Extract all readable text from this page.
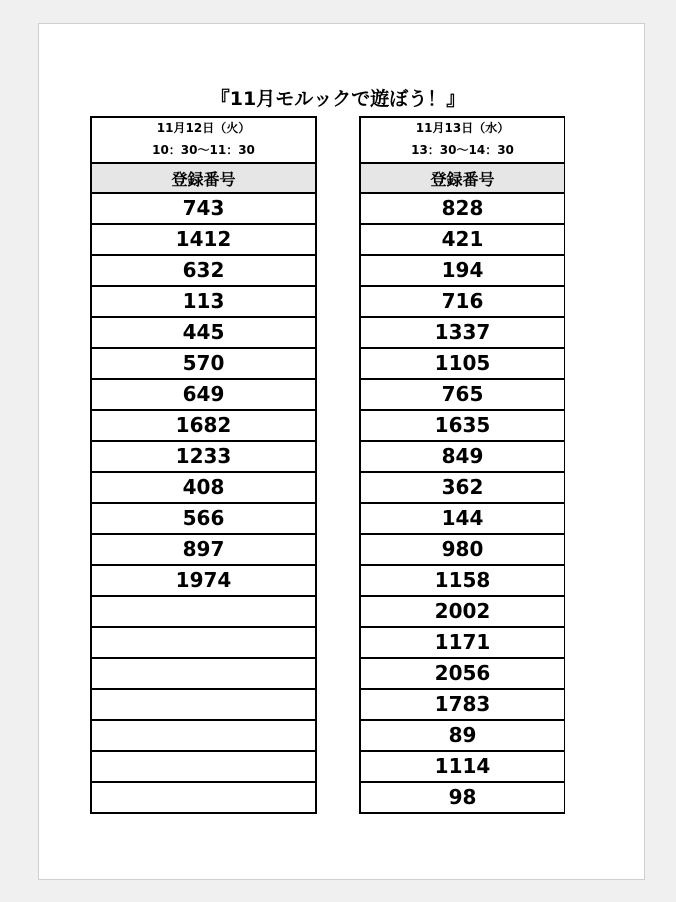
『11月モルックで遊ぼう！』
11月12日（火）
10：30〜11：30
登録番号
743
1412
632
113
445
570
649
1682
1233
408
566
897
1974

11月13日（水）
13：30〜14：30
登録番号
828
421
194
716
1337
1105
765
1635
849
362
144
980
1158
2002
1171
2056
1783
89
1114
98
